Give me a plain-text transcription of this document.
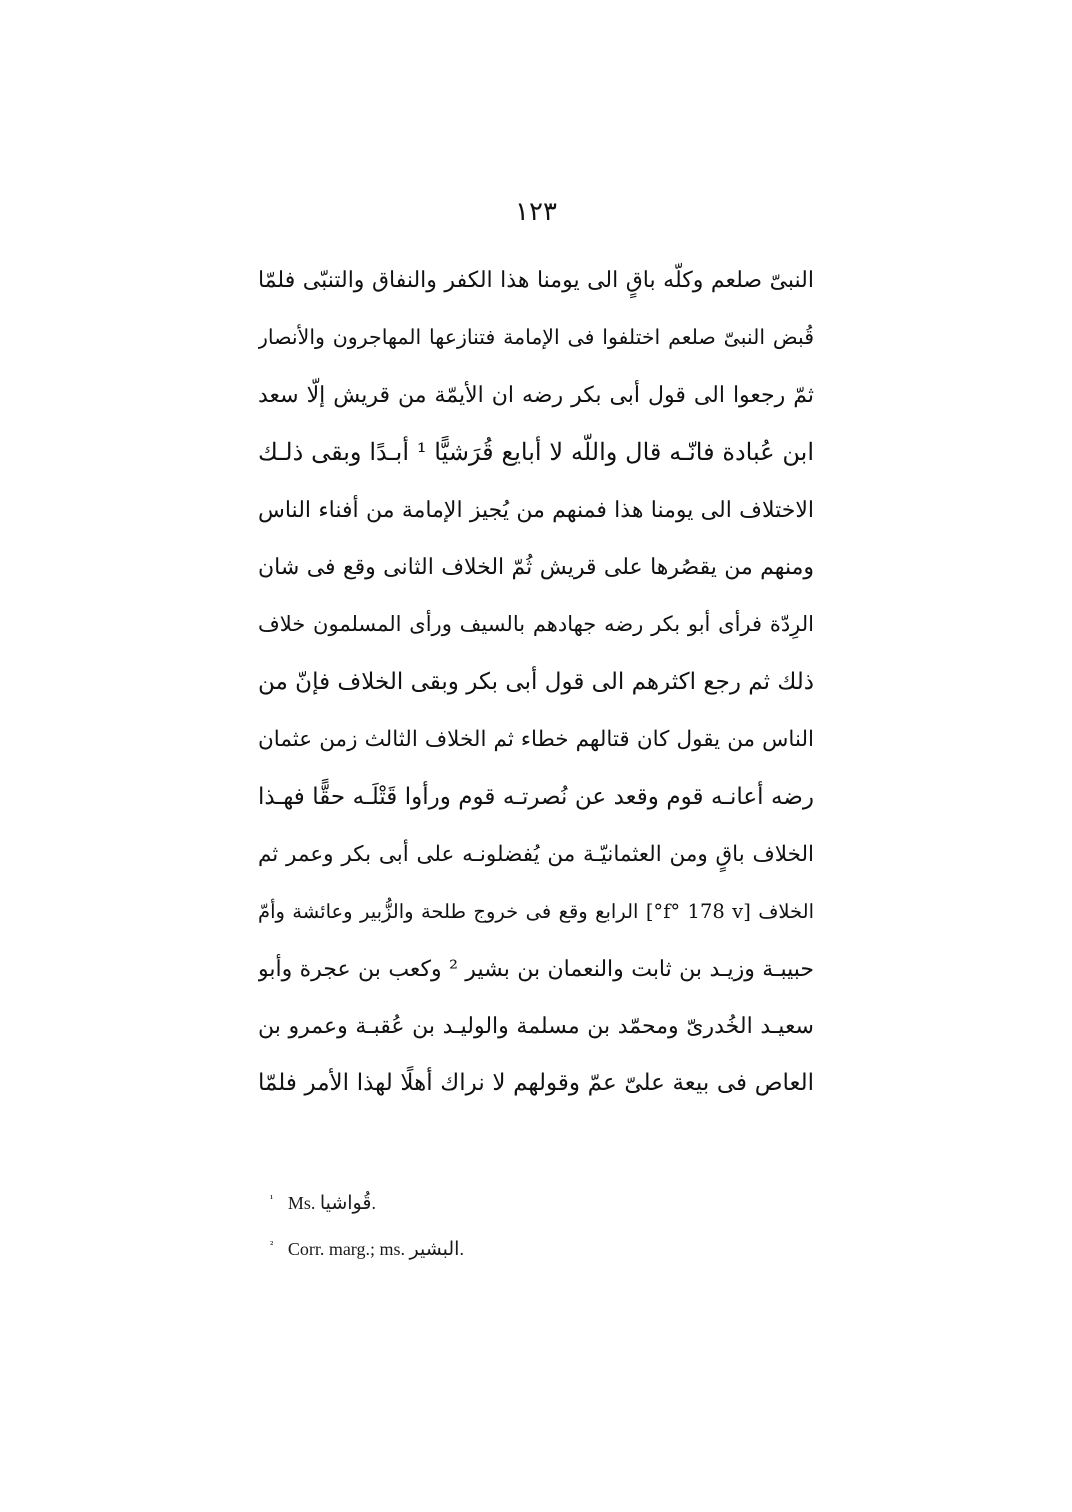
١٢٣
النبىّ صلعم وكلّه باقٍ الى يومنا هذا الكفر والنفاق والتنبّى فلمّا
قُبض النبىّ صلعم اختلفوا فى الإمامة فتنازعها المهاجرون والأنصار
ثمّ رجعوا الى قول أبى بكر رضه ان الأيمّة من قريش إلّا سعد
ابن عُبادة فانّـه قال واللّه لا أبايع قُرَشيًّا ¹ أبـدًا وبقى ذلـك
الاختلاف الى يومنا هذا فمنهم من يُجيز الإمامة من أفناء الناس
ومنهم من يقصُرها على قريش ثُمّ الخلاف الثانى وقع فى شان
الرِدّة فرأى أبو بكر رضه جهادهم بالسيف ورأى المسلمون خلاف
ذلك ثم رجع اكثرهم الى قول أبى بكر وبقى الخلاف فإنّ من
الناس من يقول كان قتالهم خطاء ثم الخلاف الثالث زمن عثمان
رضه أعانـه قوم وقعد عن نُصرتـه قوم ورأوا قَتْلَـه حقًّا فهـذا
الخلاف باقٍ ومن العثمانيّـة من يُفضلونـه على أبى بكر وعمر ثم
الخلاف [f° 178 v°] الرابع وقع فى خروج طلحة والزُّبير وعائشة وأمّ
حبيبـة وزيـد بن ثابت والنعمان بن بشير ² وكعب بن عجرة وأبو
سعيـد الخُدرىّ ومحمّد بن مسلمة والوليـد بن عُقبـة وعمرو بن
العاص فى بيعة علىّ عمّ وقولهم لا نراك أهلًا لهذا الأمر فلمّا
$^{^1}$ Ms. قُواشيا.
$^{^2}$ Corr. marg.; ms. البشير.
